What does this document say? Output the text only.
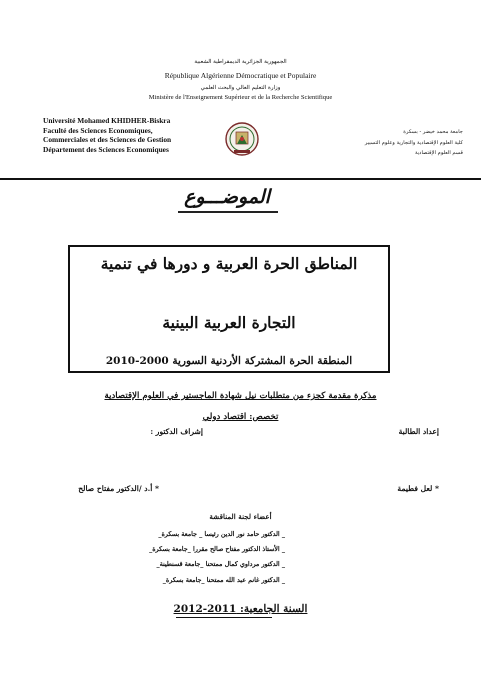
الجمهورية الجزائرية الديمقراطية الشعبية
République Algérienne Démocratique et Populaire
وزارة التعليم العالي والبحث العلمي
Ministère de l'Enseignement Supérieur et de la Recherche Scientifique
Université Mohamed KHIDHER-Biskra
Faculté des Sciences Economiques,
Commerciales et des Sciences de Gestion
Département des Sciences Economiques
جامعة محمد خيضر - بسكرة
كلية العلوم الإقتصادية والتجارية وعلوم التسيير
قسم العلوم الإقتصادية
الموضـــوع
المناطق الحرة العربية و دورها في تنمية
التجارة العربية البينية
المنطقة الحرة المشتركة الأردنية السورية 2000-2010
مذكرة مقدمة كجزء من متطلبات نيل شهادة الماجستير في العلوم الإقتصادية
تخصص: اقتصاد دولي
إعداد الطالبة
إشراف الدكتور :
* لعل فطيمة
* أ.د /الدكتور مفتاح صالح
أعضاء لجنة المناقشة
_ الدكتور حامد نور الدين رئيسا _ جامعة بسكرة_
_ الأستاذ الدكتور مفتاح صالح مقررا _جامعة بسكرة_
_ الدكتور مرداوي كمال ممتحنا _جامعة قسنطينة_
_ الدكتور غانم عبد الله ممتحنا _جامعة بسكرة_
السنة الجامعية: 2011-2012
